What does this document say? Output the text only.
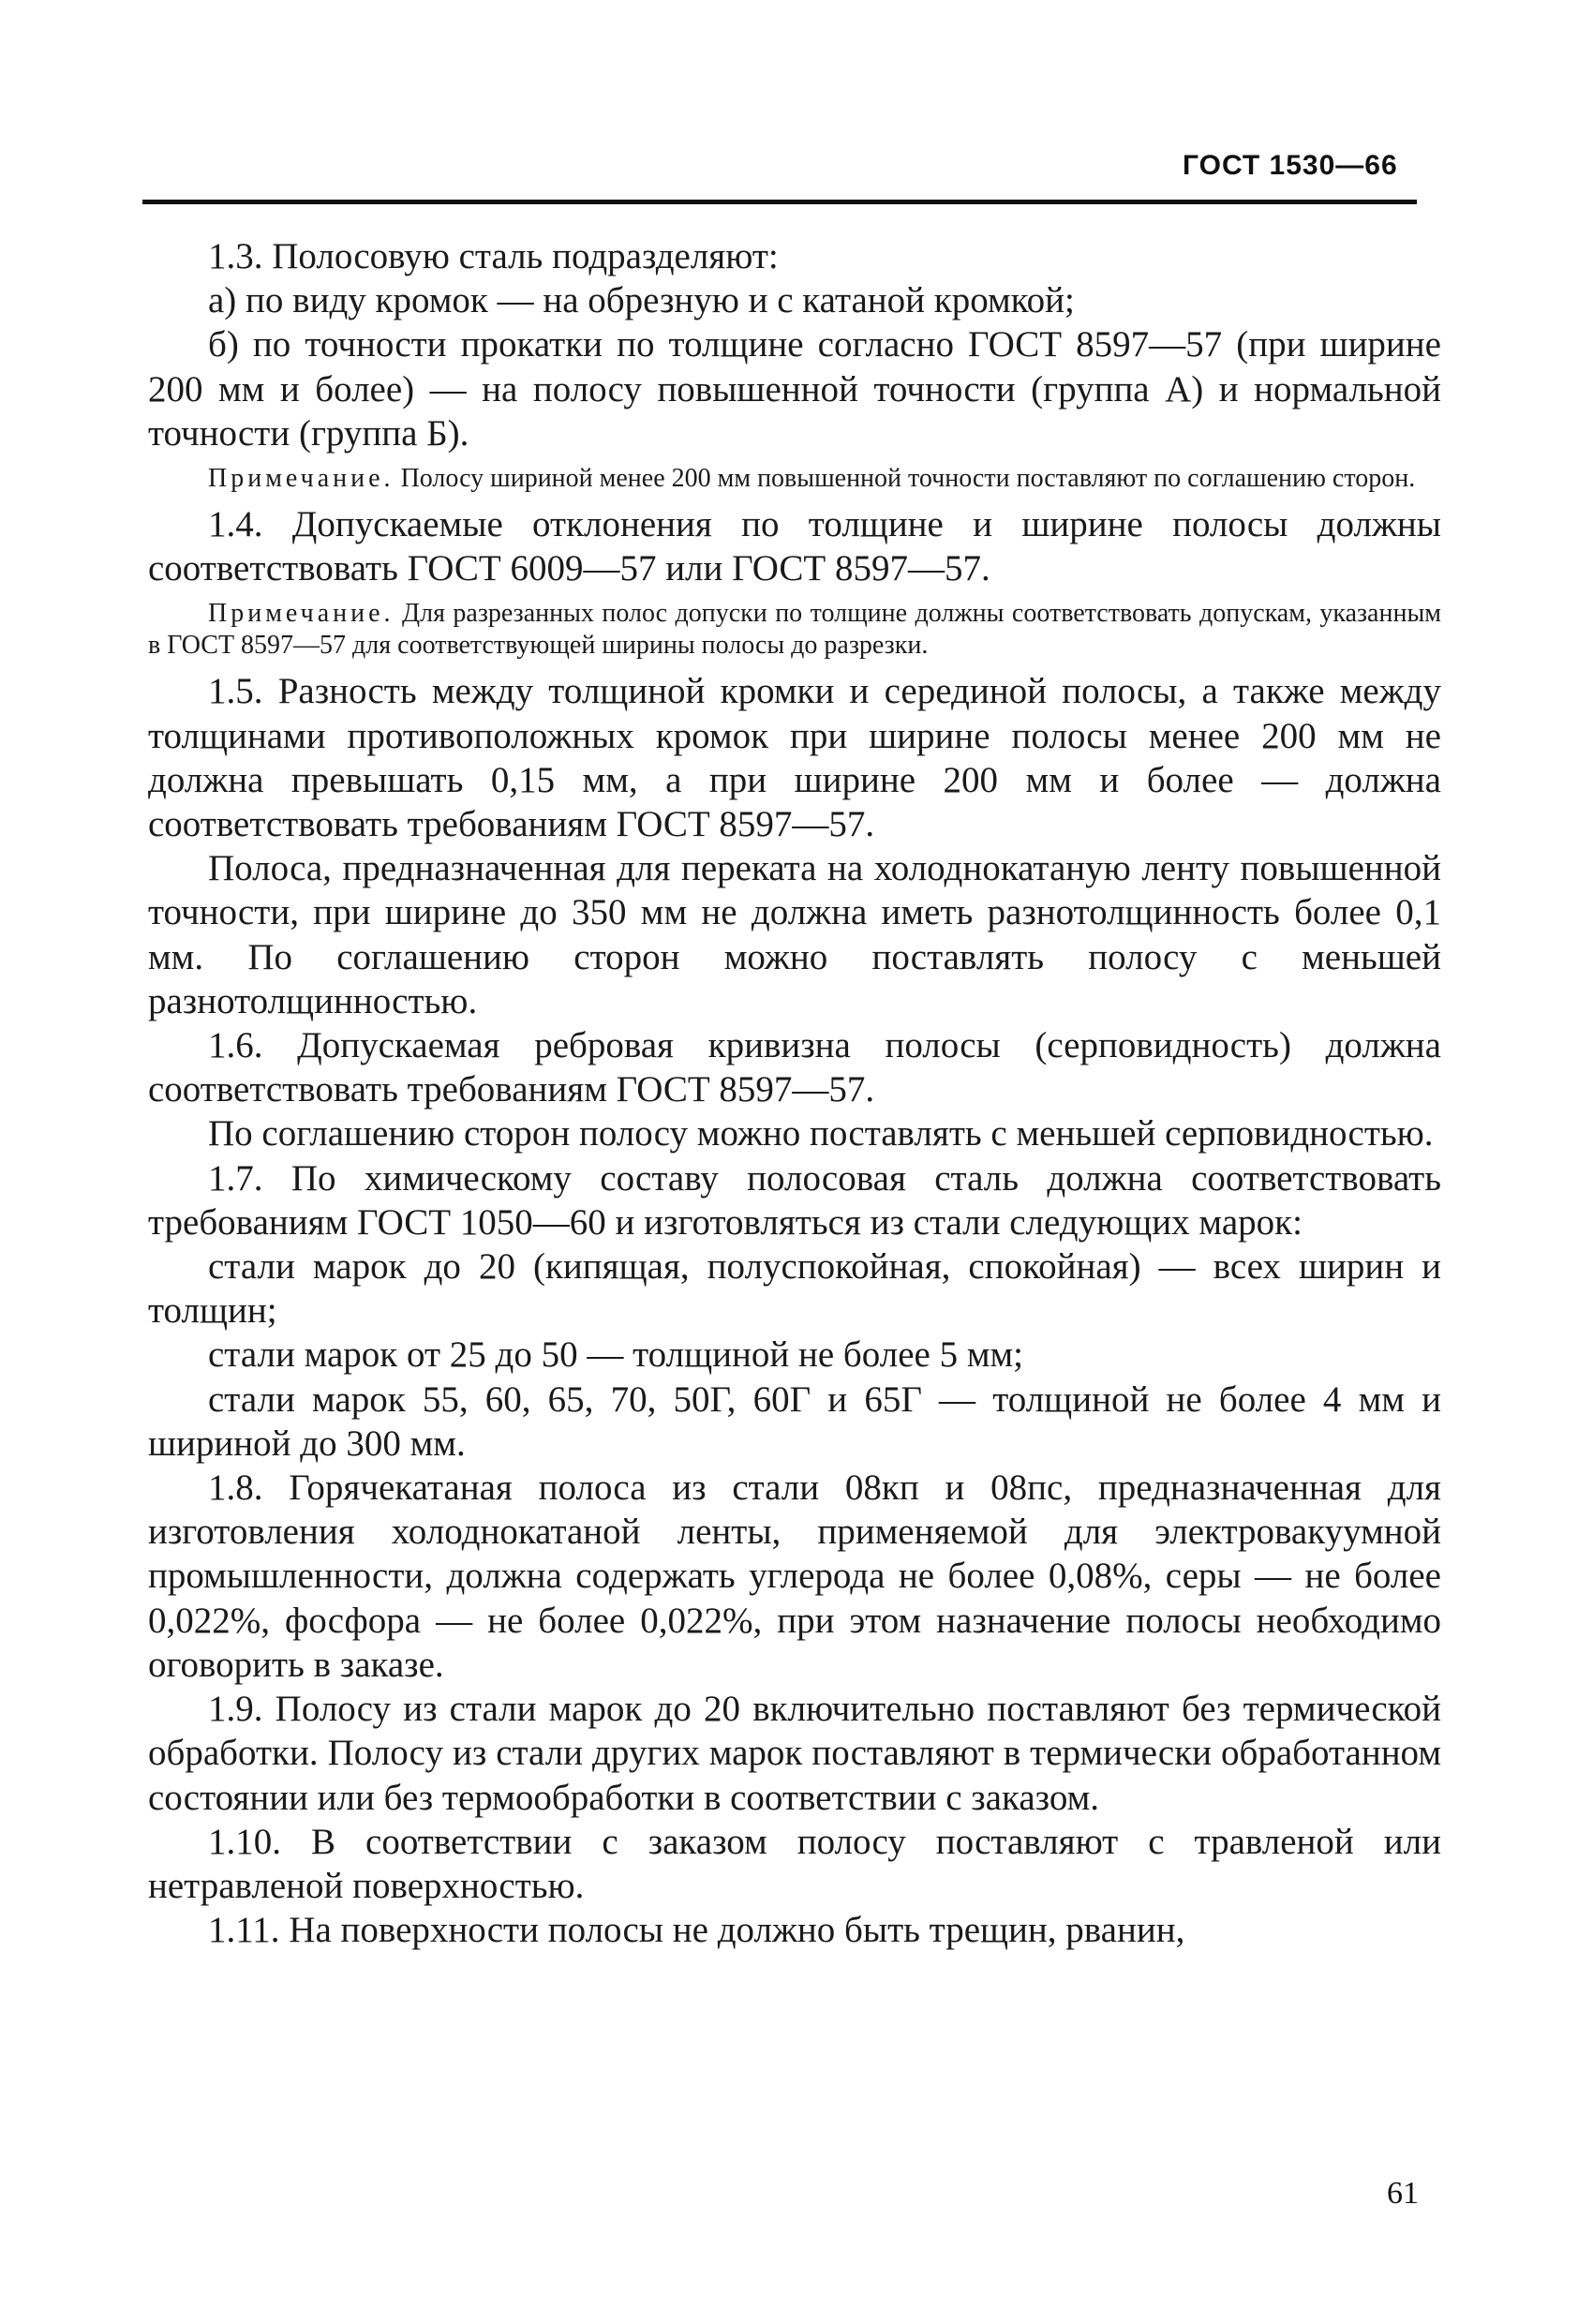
ГОСТ 1530—66

1.3. Полосовую сталь подразделяют:

а) по виду кромок — на обрезную и с катаной кромкой;

б) по точности прокатки по толщине согласно ГОСТ 8597—57 (при ширине 200 мм и более) — на полосу повышенной точности (группа А) и нормальной точности (группа Б).

Примечание. Полосу шириной менее 200 мм повышенной точности поставляют по соглашению сторон.

1.4. Допускаемые отклонения по толщине и ширине полосы должны соответствовать ГОСТ 6009—57 или ГОСТ 8597—57.

Примечание. Для разрезанных полос допуски по толщине должны соответствовать допускам, указанным в ГОСТ 8597—57 для соответствующей ширины полосы до разрезки.

1.5. Разность между толщиной кромки и серединой полосы, а также между толщинами противоположных кромок при ширине полосы менее 200 мм не должна превышать 0,15 мм, а при ширине 200 мм и более — должна соответствовать требованиям ГОСТ 8597—57.

Полоса, предназначенная для переката на холоднокатаную ленту повышенной точности, при ширине до 350 мм не должна иметь разнотолщинность более 0,1 мм. По соглашению сторон можно поставлять полосу с меньшей разнотолщинностью.

1.6. Допускаемая ребровая кривизна полосы (серповидность) должна соответствовать требованиям ГОСТ 8597—57.

По соглашению сторон полосу можно поставлять с меньшей серповидностью.

1.7. По химическому составу полосовая сталь должна соответствовать требованиям ГОСТ 1050—60 и изготовляться из стали следующих марок:

стали марок до 20 (кипящая, полуспокойная, спокойная) — всех ширин и толщин;

стали марок от 25 до 50 — толщиной не более 5 мм;

стали марок 55, 60, 65, 70, 50Г, 60Г и 65Г — толщиной не более 4 мм и шириной до 300 мм.

1.8. Горячекатаная полоса из стали 08кп и 08пс, предназначенная для изготовления холоднокатаной ленты, применяемой для электровакуумной промышленности, должна содержать углерода не более 0,08%, серы — не более 0,022%, фосфора — не более 0,022%, при этом назначение полосы необходимо оговорить в заказе.

1.9. Полосу из стали марок до 20 включительно поставляют без термической обработки. Полосу из стали других марок поставляют в термически обработанном состоянии или без термообработки в соответствии с заказом.

1.10. В соответствии с заказом полосу поставляют с травленой или нетравленой поверхностью.

1.11. На поверхности полосы не должно быть трещин, рванин,

61
